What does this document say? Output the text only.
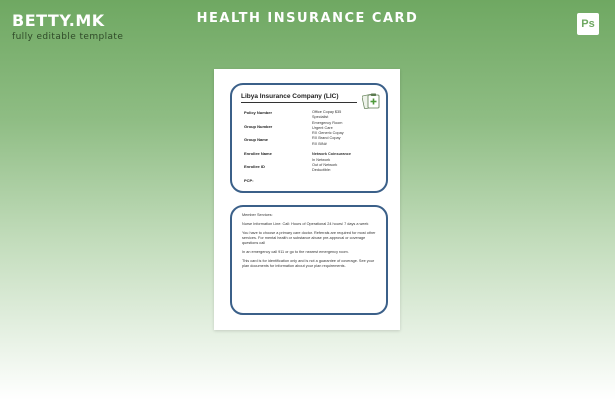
BETTY.MK
fully editable template
HEALTH INSURANCE CARD	Ps
Libya Insurance Company (LIC)
Policy Number
Group Number
Group Name
Enrollee Name
Enrollee ID
PCP:
Office Copay $35
Specialist
Emergency Room
Urgent Care
RX Generic Copay
RX Brand Copay
RX BIN#

Network Coinsurance
In Network
Out of Network
Deductible:

Member Services:

Nurse Information Line: Call: Hours of Operational 24 hours/ 7 days a week

You have to choose a primary care doctor. Referrals are required for most other services. For mental health or substance abuse pre-approval or coverage questions call

In an emergency call 911 or go to the nearest emergency room.

This card is for identification only and is not a guarantee of coverage. See your plan documents for information about your plan requirements.
